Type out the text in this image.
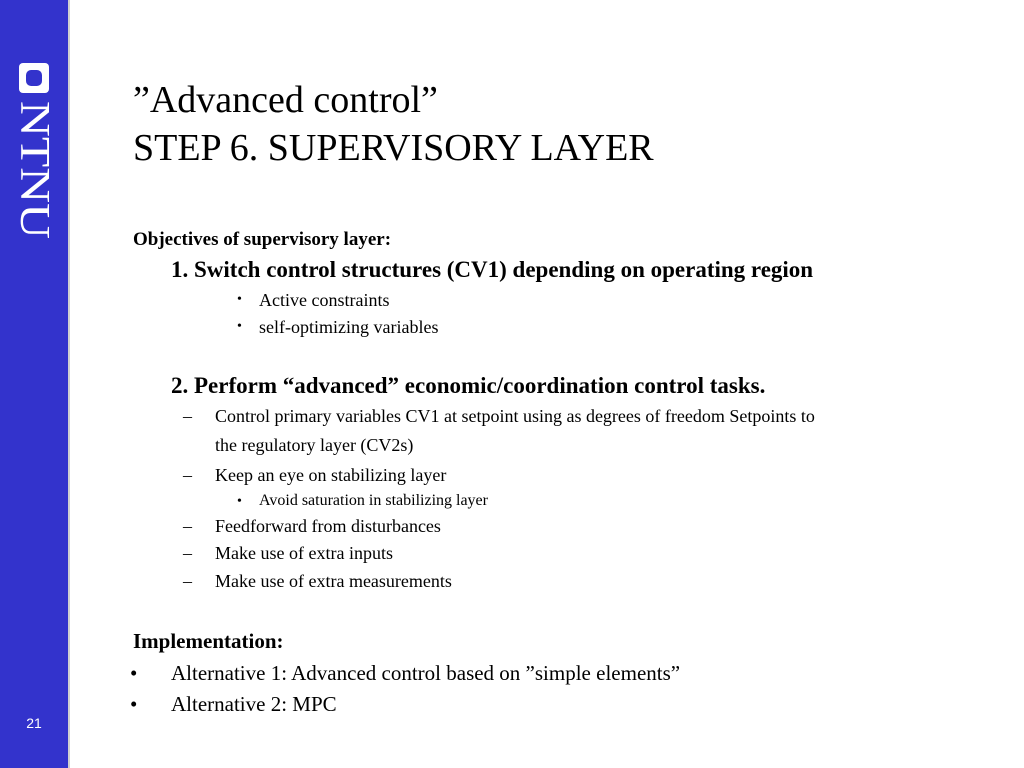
NTNU
21
”Advanced control”
STEP 6. SUPERVISORY LAYER
Objectives of supervisory layer:
1. Switch control structures (CV1) depending on operating region
• Active constraints
• self-optimizing variables
2. Perform “advanced” economic/coordination control tasks.
– Control primary variables CV1 at setpoint using as degrees of freedom Setpoints to
the regulatory layer (CV2s)
– Keep an eye on stabilizing layer
• Avoid saturation in stabilizing layer
– Feedforward from disturbances
– Make use of extra inputs
– Make use of extra measurements
Implementation:
• Alternative 1: Advanced control based on ”simple elements”
• Alternative 2: MPC
